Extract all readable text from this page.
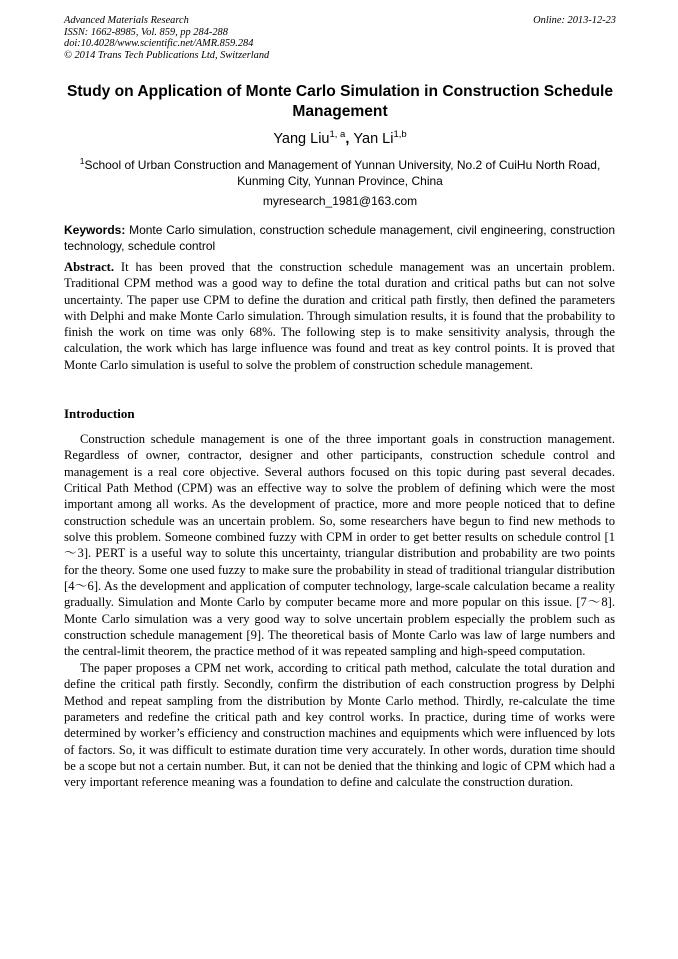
Advanced Materials Research
ISSN: 1662-8985, Vol. 859, pp 284-288
doi:10.4028/www.scientific.net/AMR.859.284
© 2014 Trans Tech Publications Ltd, Switzerland
Online: 2013-12-23
Study on Application of Monte Carlo Simulation in Construction Schedule Management
Yang Liu$^{1, a}$, Yan Li$^{1,b}$
$^1$School of Urban Construction and Management of Yunnan University, No.2 of CuiHu North Road, Kunming City, Yunnan Province, China
myresearch_1981@163.com
Keywords: Monte Carlo simulation, construction schedule management, civil engineering, construction technology, schedule control
Abstract. It has been proved that the construction schedule management was an uncertain problem. Traditional CPM method was a good way to define the total duration and critical paths but can not solve uncertainty. The paper use CPM to define the duration and critical path firstly, then defined the parameters with Delphi and make Monte Carlo simulation. Through simulation results, it is found that the probability to finish the work on time was only 68%. The following step is to make sensitivity analysis, through the calculation, the work which has large influence was found and treat as key control points. It is proved that Monte Carlo simulation is useful to solve the problem of construction schedule management.
Introduction

Construction schedule management is one of the three important goals in construction management. Regardless of owner, contractor, designer and other participants, construction schedule control and management is a real core objective. Several authors focused on this topic during past several decades. Critical Path Method (CPM) was an effective way to solve the problem of defining which were the most important among all works. As the development of practice, more and more people noticed that to define construction schedule was an uncertain problem. So, some researchers have begun to find new methods to solve this problem. Someone combined fuzzy with CPM in order to get better results on schedule control [1～3]. PERT is a useful way to solute this uncertainty, triangular distribution and probability are two points for the theory. Some one used fuzzy to make sure the probability in stead of traditional triangular distribution [4～6]. As the development and application of computer technology, large-scale calculation became a reality gradually. Simulation and Monte Carlo by computer became more and more popular on this issue. [7～8]. Monte Carlo simulation was a very good way to solve uncertain problem especially the problem such as construction schedule management [9]. The theoretical basis of Monte Carlo was law of large numbers and the central-limit theorem, the practice method of it was repeated sampling and high-speed computation.

The paper proposes a CPM net work, according to critical path method, calculate the total duration and define the critical path firstly. Secondly, confirm the distribution of each construction progress by Delphi Method and repeat sampling from the distribution by Monte Carlo method. Thirdly, re-calculate the time parameters and redefine the critical path and key control works. In practice, during time of works were determined by worker’s efficiency and construction machines and equipments which were influenced by lots of factors. So, it was difficult to estimate duration time very accurately. In other words, duration time should be a scope but not a certain number. But, it can not be denied that the thinking and logic of CPM which had a very important reference meaning was a foundation to define and calculate the construction duration.
